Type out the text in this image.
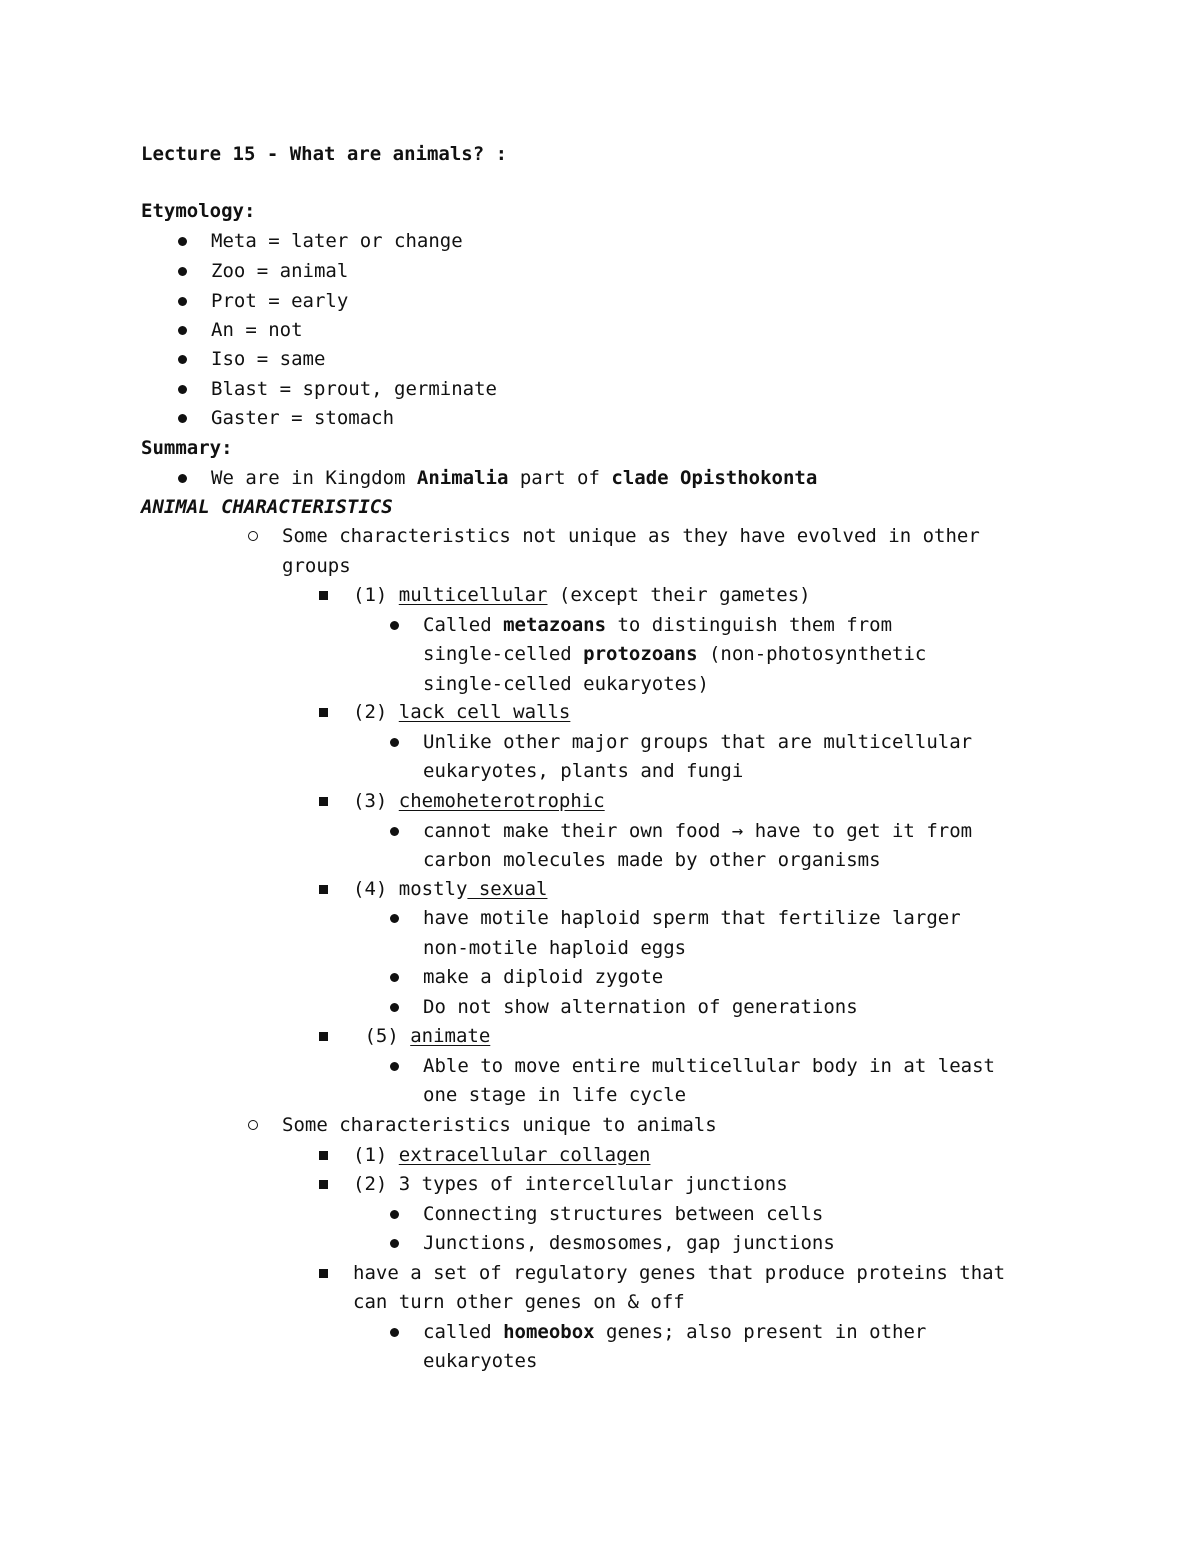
Lecture 15 - What are animals? :
Etymology:
Meta = later or change
Zoo = animal
Prot = early
An = not
Iso = same
Blast = sprout, germinate
Gaster = stomach
Summary:
We are in Kingdom Animalia part of clade Opisthokonta
ANIMAL CHARACTERISTICS
Some characteristics not unique as they have evolved in other
groups
(1) multicellular (except their gametes)
Called metazoans to distinguish them from
single-celled protozoans (non-photosynthetic
single-celled eukaryotes)
(2) lack cell walls
Unlike other major groups that are multicellular
eukaryotes, plants and fungi
(3) chemoheterotrophic
cannot make their own food → have to get it from
carbon molecules made by other organisms
(4) mostly sexual
have motile haploid sperm that fertilize larger
non-motile haploid eggs
make a diploid zygote
Do not show alternation of generations
(5) animate
Able to move entire multicellular body in at least
one stage in life cycle
Some characteristics unique to animals
(1) extracellular collagen
(2) 3 types of intercellular junctions
Connecting structures between cells
Junctions, desmosomes, gap junctions
have a set of regulatory genes that produce proteins that
can turn other genes on & off
called homeobox genes; also present in other
eukaryotes
